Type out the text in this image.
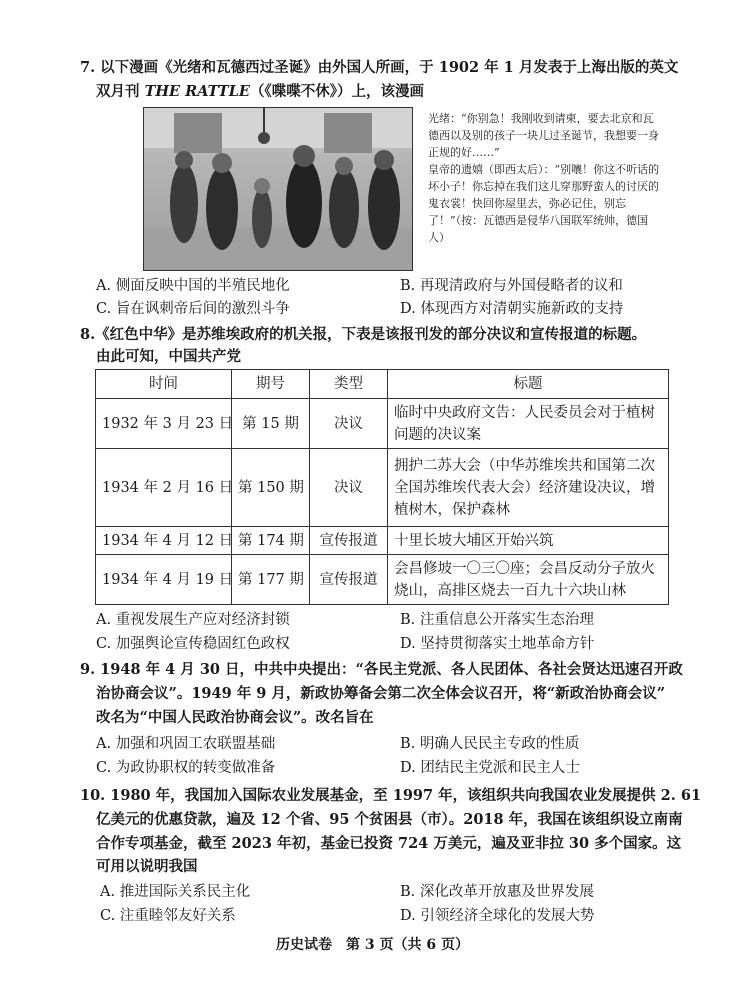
7. 以下漫画《光绪和瓦德西过圣诞》由外国人所画，于 1902 年 1 月发表于上海出版的英文
双月刊 THE RATTLE（《喋喋不休》）上，该漫画

光绪：“你别急！我刚收到请柬，要去北京和瓦德西以及别的孩子一块儿过圣诞节，我想要一身正规的好……”

皇帝的遗嬉（即西太后）：“别嚷！你这不听话的坏小子！你忘掉在我们这儿穿那野蛮人的讨厌的鬼衣裳！快回你屋里去，弥必记住，别忘了！”（按：瓦德西是侵华八国联军统帅，德国人）

A. 侧面反映中国的半殖民地化	B. 再现清政府与外国侵略者的议和
C. 旨在讽刺帝后间的激烈斗争	D. 体现西方对清朝实施新政的支持
8.《红色中华》是苏维埃政府的机关报，下表是该报刊发的部分决议和宣传报道的标题。
由此可知，中国共产党
时间	期号	类型	标题
1932 年 3 月 23 日	第 15 期	决议	临时中央政府文告：人民委员会对于植树问题的决议案
1934 年 2 月 16 日	第 150 期	决议	拥护二苏大会（中华苏维埃共和国第二次全国苏维埃代表大会）经济建设决议，增植树木，保护森林
1934 年 4 月 12 日	第 174 期	宣传报道	十里长坡大埔区开始兴筑
1934 年 4 月 19 日	第 177 期	宣传报道	会昌修坡一〇三〇座；会昌反动分子放火烧山，高排区烧去一百九十六块山林
A. 重视发展生产应对经济封锁	B. 注重信息公开落实生态治理
C. 加强舆论宣传稳固红色政权	D. 坚持贯彻落实土地革命方针
9. 1948 年 4 月 30 日，中共中央提出：“各民主党派、各人民团体、各社会贤达迅速召开政
治协商会议”。1949 年 9 月，新政协筹备会第二次全体会议召开，将“新政治协商会议”
改名为“中国人民政治协商会议”。改名旨在
A. 加强和巩固工农联盟基础	B. 明确人民民主专政的性质
C. 为政协职权的转变做准备	D. 团结民主党派和民主人士
10. 1980 年，我国加入国际农业发展基金，至 1997 年，该组织共向我国农业发展提供 2. 61
亿美元的优惠贷款，遍及 12 个省、95 个贫困县（市）。2018 年，我国在该组织设立南南
合作专项基金，截至 2023 年初，基金已投资 724 万美元，遍及亚非拉 30 多个国家。这
可用以说明我国
A. 推进国际关系民主化	B. 深化改革开放惠及世界发展
C. 注重睦邻友好关系	D. 引领经济全球化的发展大势
历史试卷　第 3 页（共 6 页）
